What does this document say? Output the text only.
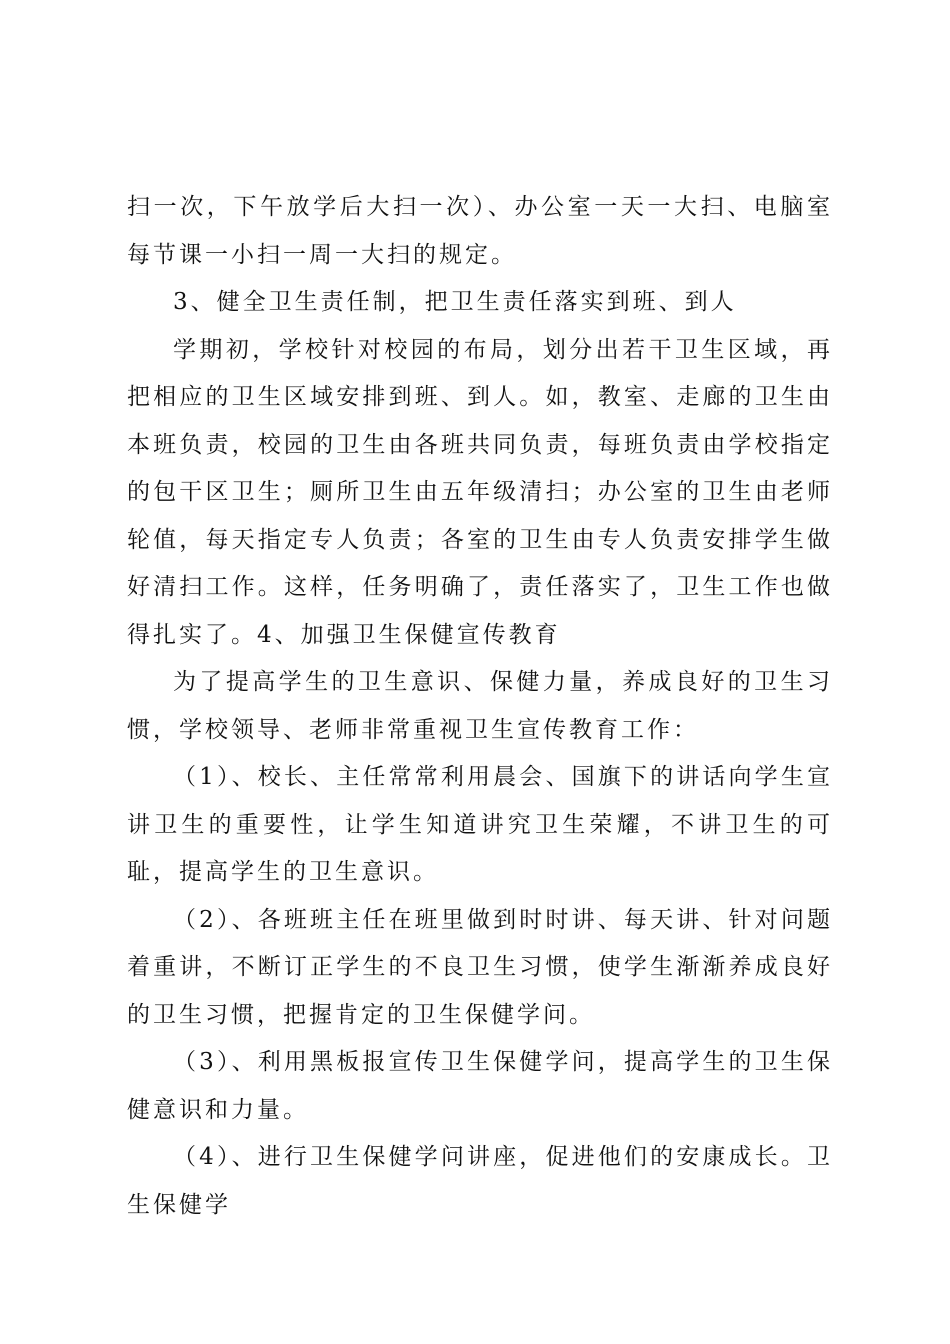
扫一次，下午放学后大扫一次）、办公室一天一大扫、电脑室每节课一小扫一周一大扫的规定。

3、健全卫生责任制，把卫生责任落实到班、到人

学期初，学校针对校园的布局，划分出若干卫生区域，再把相应的卫生区域安排到班、到人。如，教室、走廊的卫生由本班负责，校园的卫生由各班共同负责，每班负责由学校指定的包干区卫生；厕所卫生由五年级清扫；办公室的卫生由老师轮值，每天指定专人负责；各室的卫生由专人负责安排学生做好清扫工作。这样，任务明确了，责任落实了，卫生工作也做得扎实了。4、加强卫生保健宣传教育

为了提高学生的卫生意识、保健力量，养成良好的卫生习惯，学校领导、老师非常重视卫生宣传教育工作：

（1）、校长、主任常常利用晨会、国旗下的讲话向学生宣讲卫生的重要性，让学生知道讲究卫生荣耀，不讲卫生的可耻，提高学生的卫生意识。

（2）、各班班主任在班里做到时时讲、每天讲、针对问题着重讲，不断订正学生的不良卫生习惯，使学生渐渐养成良好的卫生习惯，把握肯定的卫生保健学问。

（3）、利用黑板报宣传卫生保健学问，提高学生的卫生保健意识和力量。

（4）、进行卫生保健学问讲座，促进他们的安康成长。卫生保健学
